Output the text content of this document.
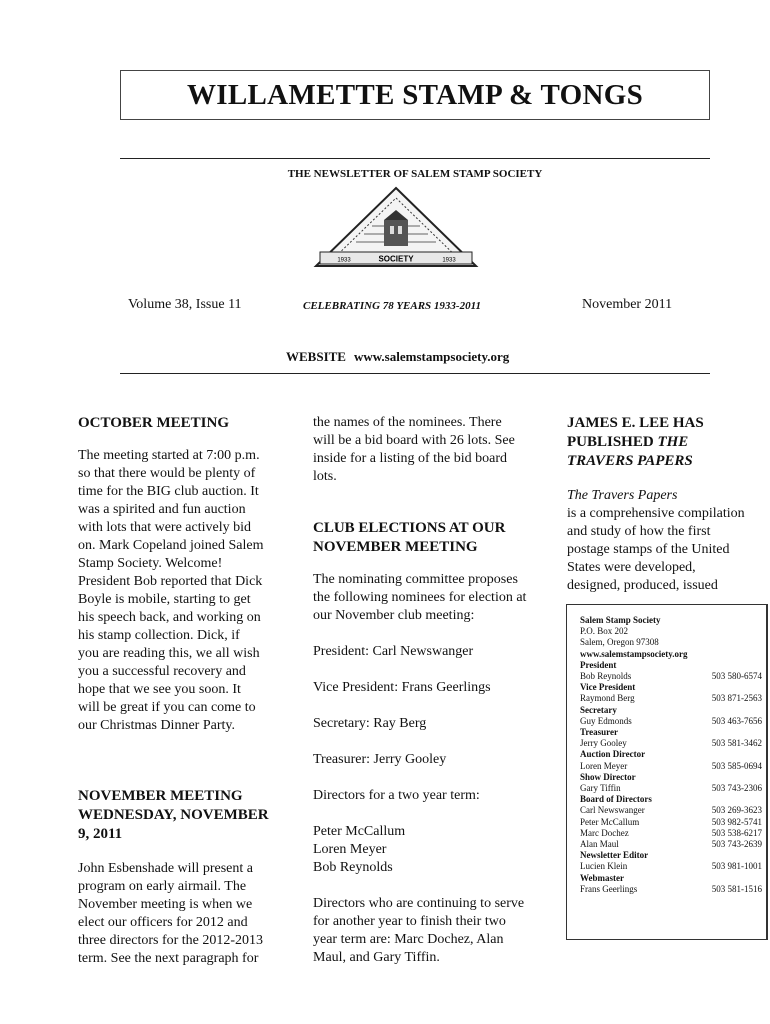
WILLAMETTE STAMP & TONGS
THE NEWSLETTER OF SALEM STAMP SOCIETY
SOCIETY
1933	1933
Volume 38, Issue 11	CELEBRATING 78 YEARS 1933-2011	November 2011
WEBSITE www.salemstampsociety.org
OCTOBER MEETING

The meeting started at 7:00 p.m.
so that there would be plenty of
time for the BIG club auction. It
was a spirited and fun auction
with lots that were actively bid
on. Mark Copeland joined Salem
Stamp Society. Welcome!
President Bob reported that Dick
Boyle is mobile, starting to get
his speech back, and working on
his stamp collection. Dick, if
you are reading this, we all wish
you a successful recovery and
hope that we see you soon. It
will be great if you can come to
our Christmas Dinner Party.

NOVEMBER MEETING
WEDNESDAY, NOVEMBER
9, 2011

John Esbenshade will present a
program on early airmail. The
November meeting is when we
elect our officers for 2012 and
three directors for the 2012-2013
term. See the next paragraph for

the names of the nominees. There
will be a bid board with 26 lots. See
inside for a listing of the bid board
lots.

CLUB ELECTIONS AT OUR
NOVEMBER MEETING

The nominating committee proposes
the following nominees for election at
our November club meeting:

President: Carl Newswanger

Vice President: Frans Geerlings

Secretary: Ray Berg

Treasurer: Jerry Gooley

Directors for a two year term:

Peter McCallum
Loren Meyer
Bob Reynolds

Directors who are continuing to serve
for another year to finish their two
year term are: Marc Dochez, Alan
Maul, and Gary Tiffin.

JAMES E. LEE HAS
PUBLISHED THE
TRAVERS PAPERS

The Travers Papers

is a comprehensive compilation
and study of how the first
postage stamps of the United
States were developed,
designed, produced, issued

Salem Stamp Society
P.O. Box 202
Salem, Oregon 97308
www.salemstampsociety.org
President
Bob Reynolds	503 580-6574
Vice President
Raymond Berg	503 871-2563
Secretary
Guy Edmonds	503 463-7656
Treasurer
Jerry Gooley	503 581-3462
Auction Director
Loren Meyer	503 585-0694
Show Director
Gary Tiffin	503 743-2306
Board of Directors
Carl Newswanger	503 269-3623
Peter McCallum	503 982-5741
Marc Dochez	503 538-6217
Alan Maul	503 743-2639
Newsletter Editor
Lucien Klein	503 981-1001
Webmaster
Frans Geerlings	503 581-1516
